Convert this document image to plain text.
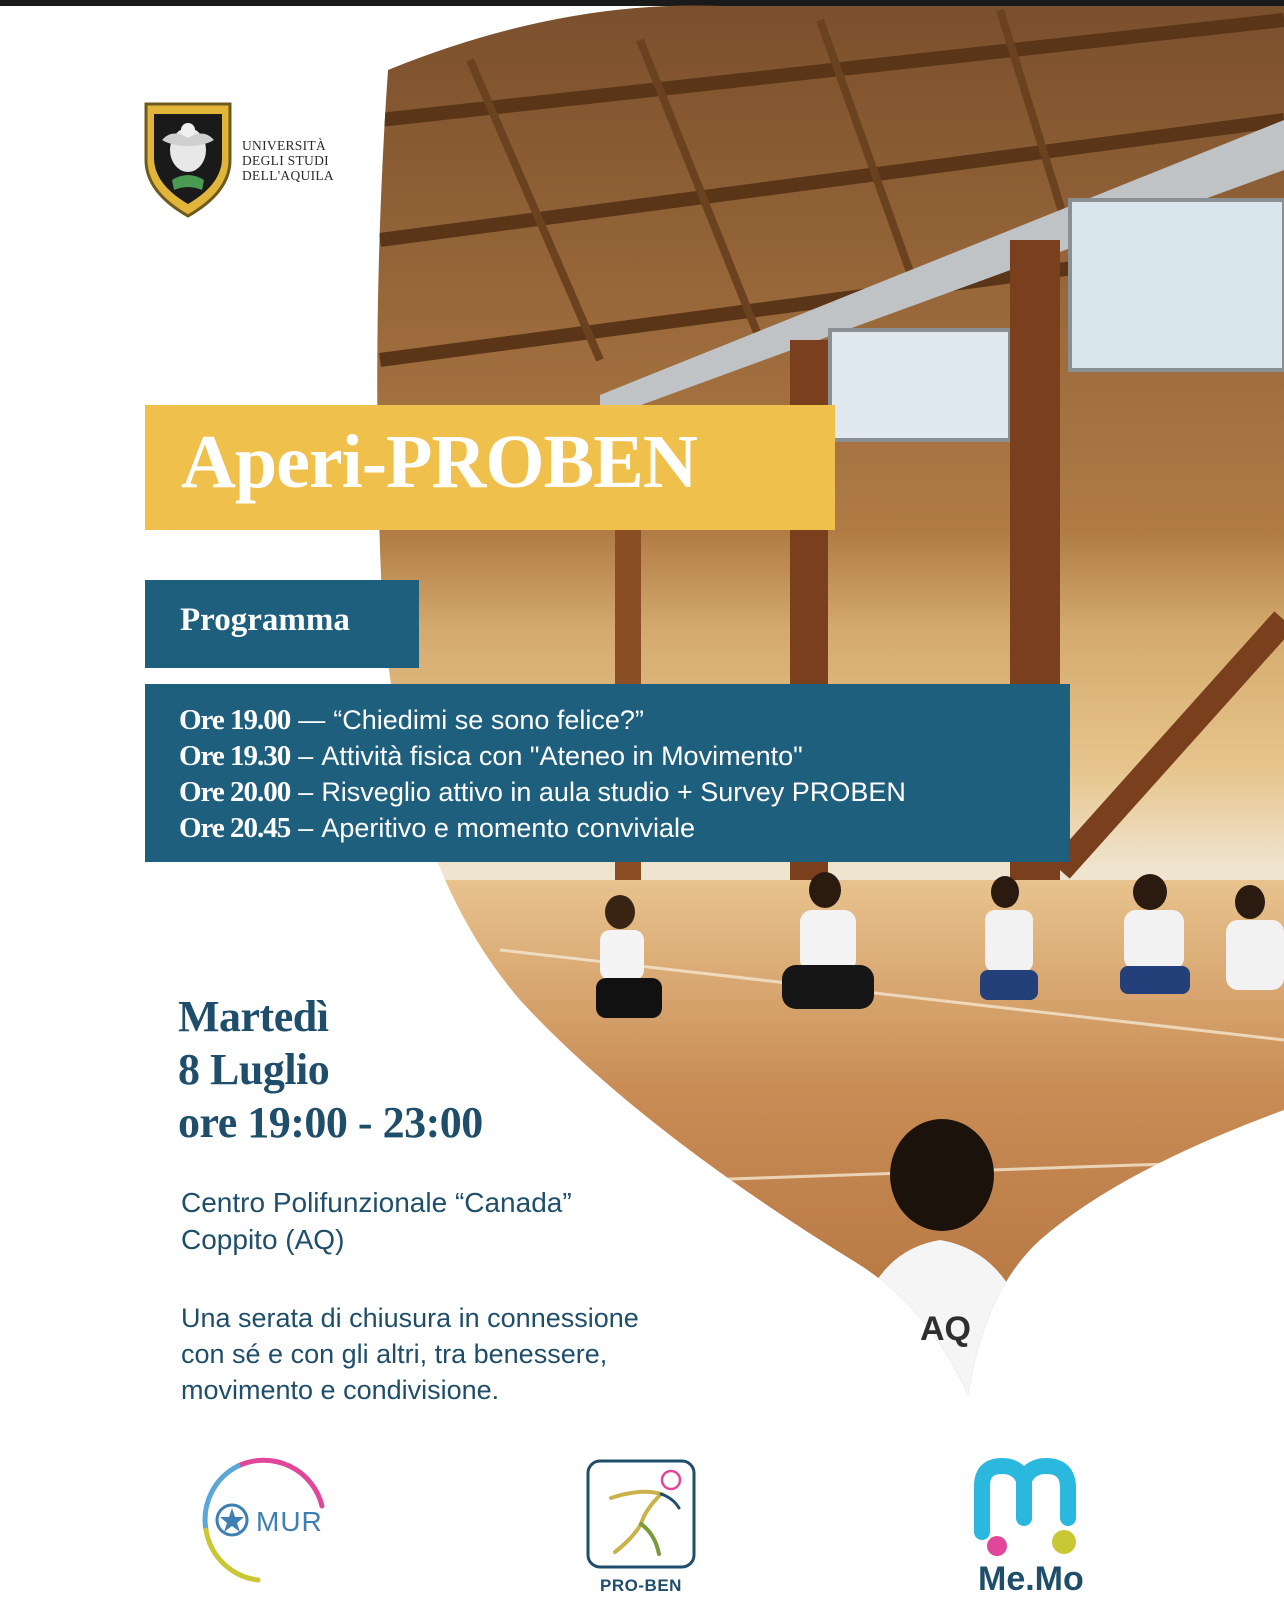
AQ
UNIVERSITÀ
DEGLI STUDI
DELL'AQUILA
Aperi-PROBEN
Programma
Ore 19.00 — “Chiedimi se sono felice?”
Ore 19.30 – Attività fisica con "Ateneo in Movimento"
Ore 20.00 – Risveglio attivo in aula studio + Survey PROBEN
Ore 20.45 – Aperitivo e momento conviviale
Martedì
8 Luglio
ore 19:00 - 23:00
Centro Polifunzionale “Canada”
Coppito (AQ)
Una serata di chiusura in connessione
con sé e con gli altri, tra benessere,
movimento e condivisione.
MUR
PRO-BEN	Me.Mo
